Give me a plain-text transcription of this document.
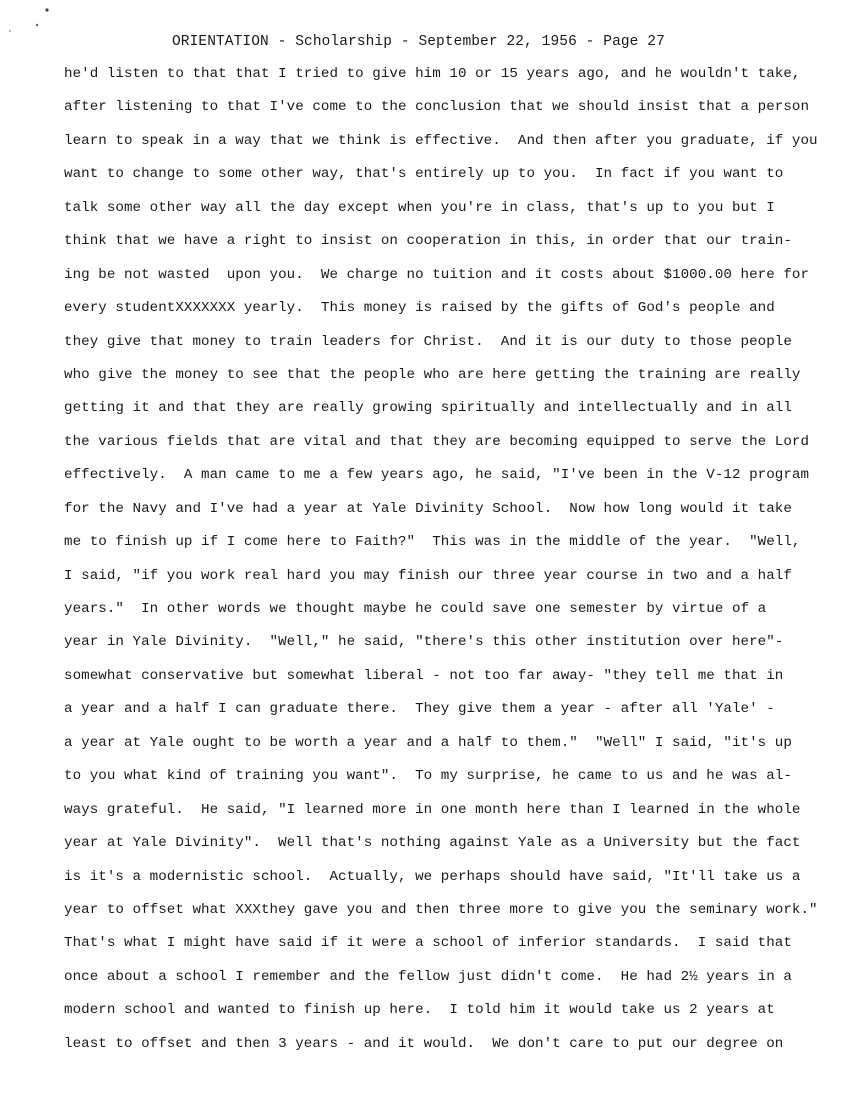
ORIENTATION - Scholarship - September 22, 1956 - Page 27
he'd listen to that that I tried to give him 10 or 15 years ago, and he wouldn't take,
after listening to that I've come to the conclusion that we should insist that a person
learn to speak in a way that we think is effective.  And then after you graduate, if you
want to change to some other way, that's entirely up to you.  In fact if you want to
talk some other way all the day except when you're in class, that's up to you but I
think that we have a right to insist on cooperation in this, in order that our train-
ing be not wasted  upon you.  We charge no tuition and it costs about $1000.00 here for
every studentXXXXXXX yearly.  This money is raised by the gifts of God's people and
they give that money to train leaders for Christ.  And it is our duty to those people
who give the money to see that the people who are here getting the training are really
getting it and that they are really growing spiritually and intellectually and in all
the various fields that are vital and that they are becoming equipped to serve the Lord
effectively.  A man came to me a few years ago, he said, "I've been in the V-12 program
for the Navy and I've had a year at Yale Divinity School.  Now how long would it take
me to finish up if I come here to Faith?"  This was in the middle of the year.  "Well,
I said, "if you work real hard you may finish our three year course in two and a half
years."  In other words we thought maybe he could save one semester by virtue of a
year in Yale Divinity.  "Well," he said, "there's this other institution over here"-
somewhat conservative but somewhat liberal - not too far away- "they tell me that in
a year and a half I can graduate there.  They give them a year - after all 'Yale' -
a year at Yale ought to be worth a year and a half to them."  "Well" I said, "it's up
to you what kind of training you want".  To my surprise, he came to us and he was al-
ways grateful.  He said, "I learned more in one month here than I learned in the whole
year at Yale Divinity".  Well that's nothing against Yale as a University but the fact
is it's a modernistic school.  Actually, we perhaps should have said, "It'll take us a
year to offset what XXXthey gave you and then three more to give you the seminary work."
That's what I might have said if it were a school of inferior standards.  I said that
once about a school I remember and the fellow just didn't come.  He had 2½ years in a
modern school and wanted to finish up here.  I told him it would take us 2 years at
least to offset and then 3 years - and it would.  We don't care to put our degree on
